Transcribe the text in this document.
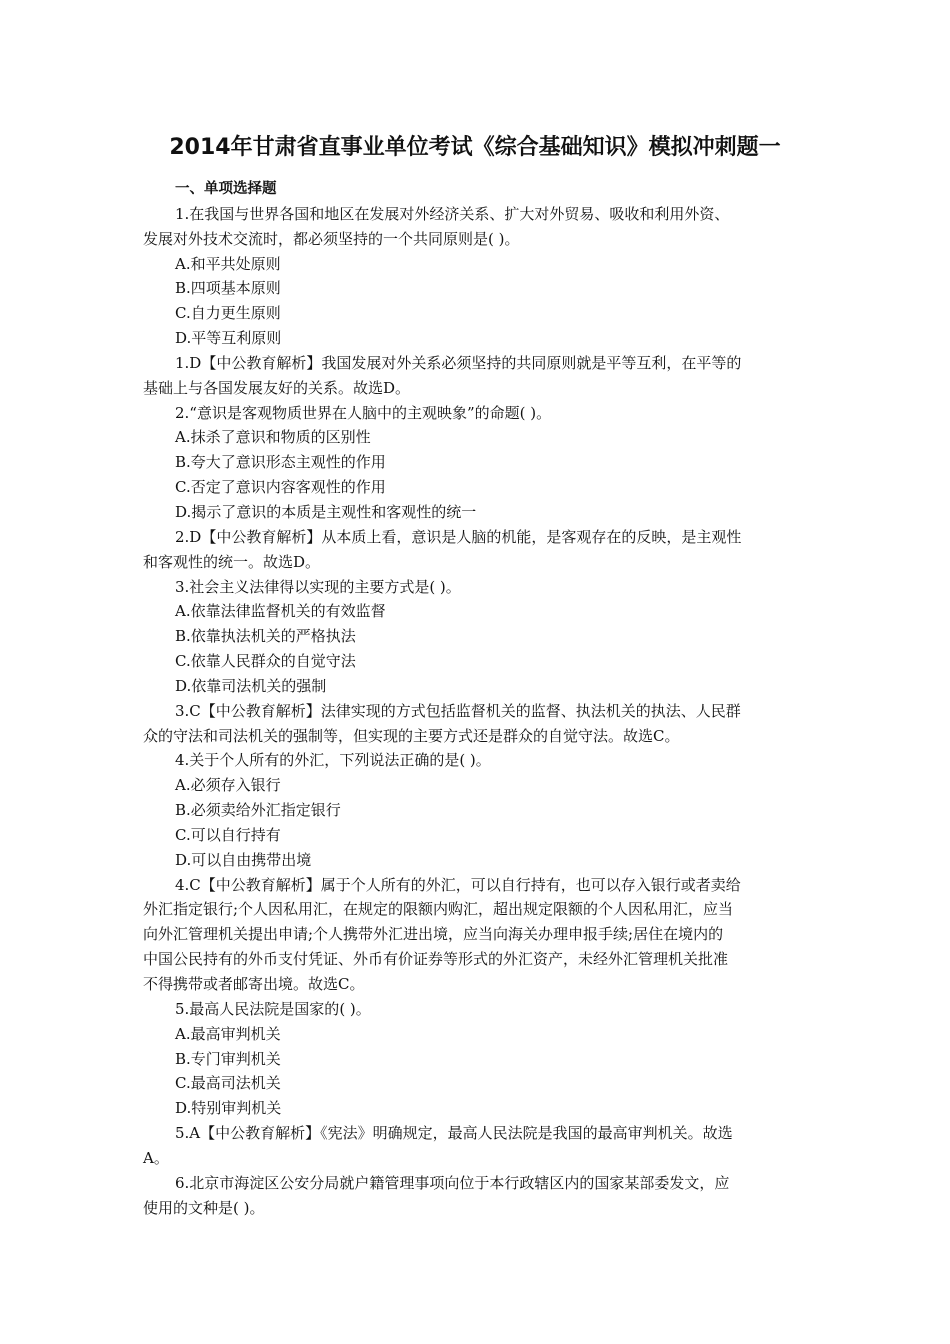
2014年甘肃省直事业单位考试《综合基础知识》模拟冲刺题一
一、单项选择题
1.在我国与世界各国和地区在发展对外经济关系、扩大对外贸易、吸收和利用外资、
发展对外技术交流时，都必须坚持的一个共同原则是( )。
A.和平共处原则
B.四项基本原则
C.自力更生原则
D.平等互利原则
1.D【中公教育解析】我国发展对外关系必须坚持的共同原则就是平等互利，在平等的
基础上与各国发展友好的关系。故选D。
2.“意识是客观物质世界在人脑中的主观映象”的命题( )。
A.抹杀了意识和物质的区别性
B.夸大了意识形态主观性的作用
C.否定了意识内容客观性的作用
D.揭示了意识的本质是主观性和客观性的统一
2.D【中公教育解析】从本质上看，意识是人脑的机能，是客观存在的反映，是主观性
和客观性的统一。故选D。
3.社会主义法律得以实现的主要方式是( )。
A.依靠法律监督机关的有效监督
B.依靠执法机关的严格执法
C.依靠人民群众的自觉守法
D.依靠司法机关的强制
3.C【中公教育解析】法律实现的方式包括监督机关的监督、执法机关的执法、人民群
众的守法和司法机关的强制等，但实现的主要方式还是群众的自觉守法。故选C。
4.关于个人所有的外汇，下列说法正确的是( )。
A.必须存入银行
B.必须卖给外汇指定银行
C.可以自行持有
D.可以自由携带出境
4.C【中公教育解析】属于个人所有的外汇，可以自行持有，也可以存入银行或者卖给
外汇指定银行;个人因私用汇，在规定的限额内购汇，超出规定限额的个人因私用汇，应当
向外汇管理机关提出申请;个人携带外汇进出境，应当向海关办理申报手续;居住在境内的
中国公民持有的外币支付凭证、外币有价证券等形式的外汇资产，未经外汇管理机关批准
不得携带或者邮寄出境。故选C。
5.最高人民法院是国家的( )。
A.最高审判机关
B.专门审判机关
C.最高司法机关
D.特别审判机关
5.A【中公教育解析】《宪法》明确规定，最高人民法院是我国的最高审判机关。故选
A。
6.北京市海淀区公安分局就户籍管理事项向位于本行政辖区内的国家某部委发文，应
使用的文种是( )。
